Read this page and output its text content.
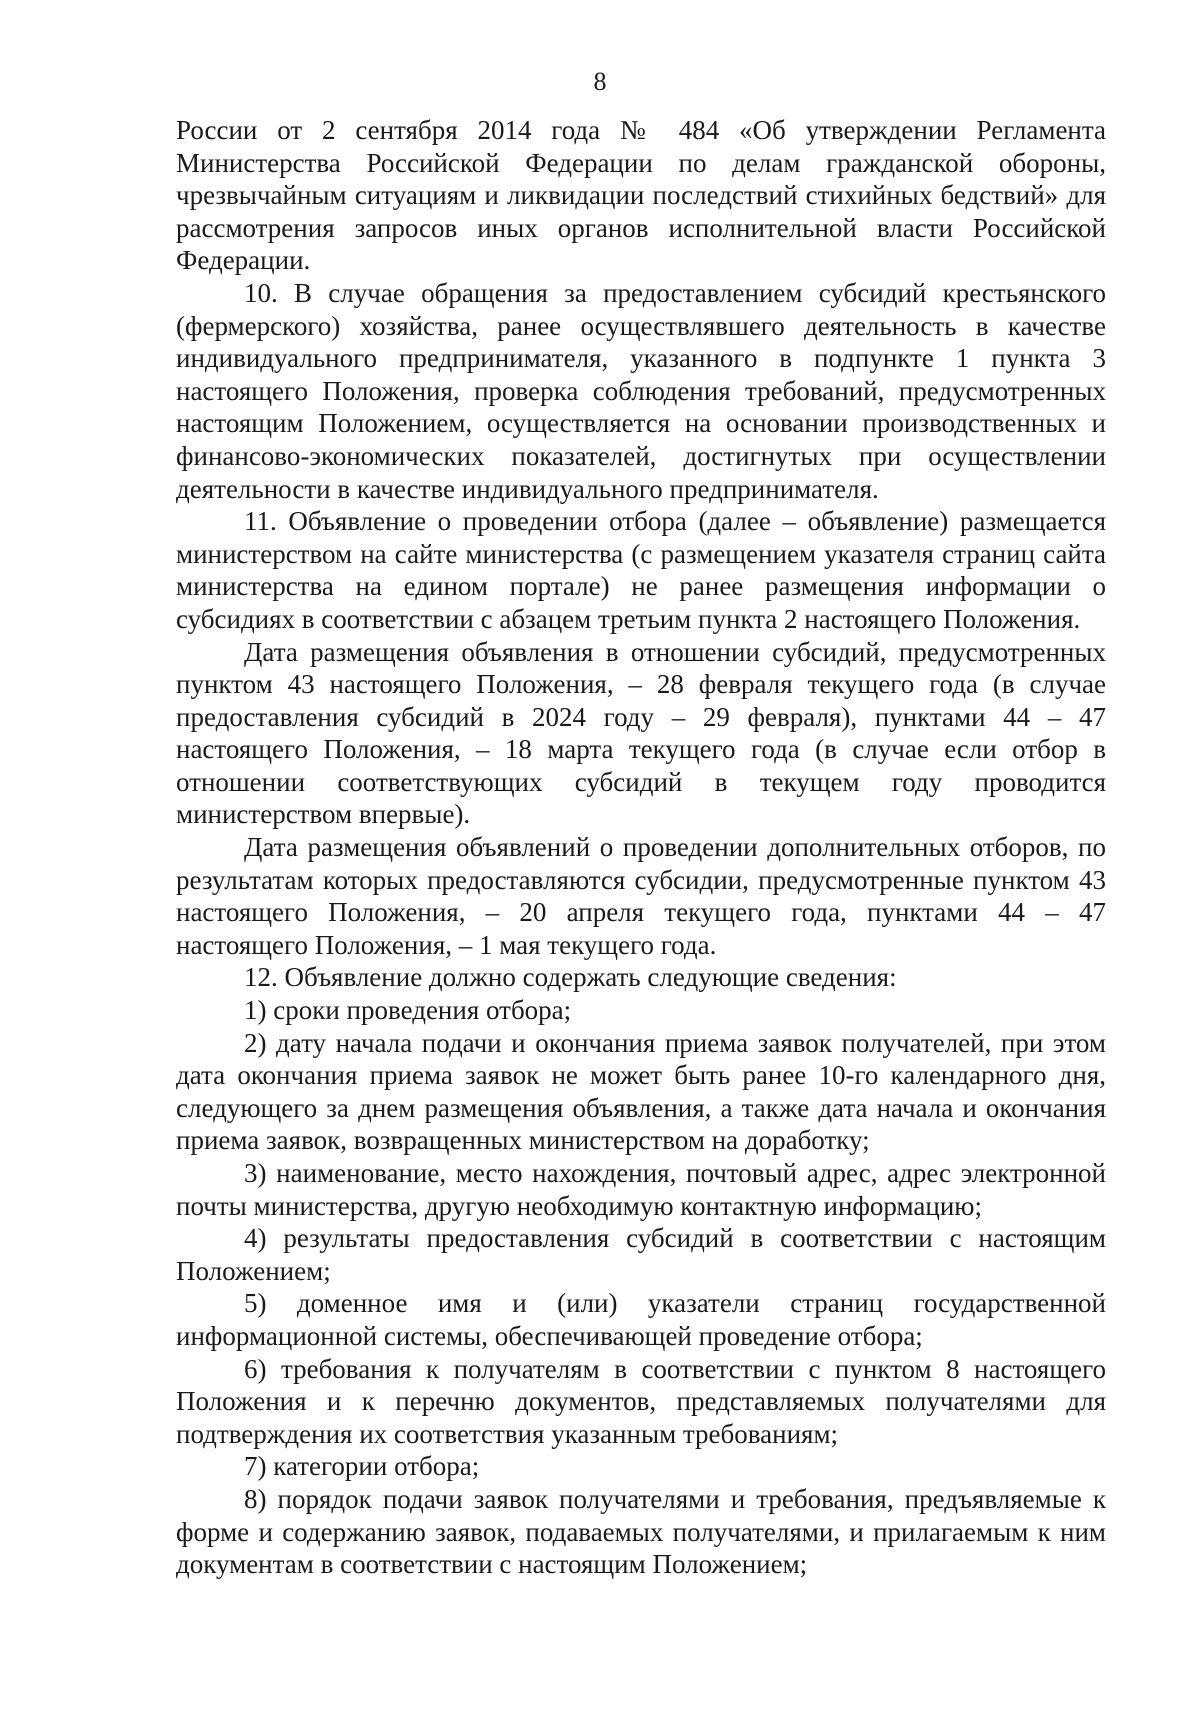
8

России от 2 сентября 2014 года № 484 «Об утверждении Регламента Министерства Российской Федерации по делам гражданской обороны, чрезвычайным ситуациям и ликвидации последствий стихийных бедствий» для рассмотрения запросов иных органов исполнительной власти Российской Федерации.

10. В случае обращения за предоставлением субсидий крестьянского (фермерского) хозяйства, ранее осуществлявшего деятельность в качестве индивидуального предпринимателя, указанного в подпункте 1 пункта 3 настоящего Положения, проверка соблюдения требований, предусмотренных настоящим Положением, осуществляется на основании производственных и финансово-экономических показателей, достигнутых при осуществлении деятельности в качестве индивидуального предпринимателя.

11. Объявление о проведении отбора (далее – объявление) размещается министерством на сайте министерства (с размещением указателя страниц сайта министерства на едином портале) не ранее размещения информации о субсидиях в соответствии с абзацем третьим пункта 2 настоящего Положения.

Дата размещения объявления в отношении субсидий, предусмотренных пунктом 43 настоящего Положения, – 28 февраля текущего года (в случае предоставления субсидий в 2024 году – 29 февраля), пунктами 44 – 47 настоящего Положения, – 18 марта текущего года (в случае если отбор в отношении соответствующих субсидий в текущем году проводится министерством впервые).

Дата размещения объявлений о проведении дополнительных отборов, по результатам которых предоставляются субсидии, предусмотренные пунктом 43 настоящего Положения, – 20 апреля текущего года, пунктами 44 – 47 настоящего Положения, – 1 мая текущего года.

12. Объявление должно содержать следующие сведения:

1) сроки проведения отбора;

2) дату начала подачи и окончания приема заявок получателей, при этом дата окончания приема заявок не может быть ранее 10-го календарного дня, следующего за днем размещения объявления, а также дата начала и окончания приема заявок, возвращенных министерством на доработку;

3) наименование, место нахождения, почтовый адрес, адрес электронной почты министерства, другую необходимую контактную информацию;

4) результаты предоставления субсидий в соответствии с настоящим Положением;

5) доменное имя и (или) указатели страниц государственной информационной системы, обеспечивающей проведение отбора;

6) требования к получателям в соответствии с пунктом 8 настоящего Положения и к перечню документов, представляемых получателями для подтверждения их соответствия указанным требованиям;

7) категории отбора;

8) порядок подачи заявок получателями и требования, предъявляемые к форме и содержанию заявок, подаваемых получателями, и прилагаемым к ним документам в соответствии с настоящим Положением;
